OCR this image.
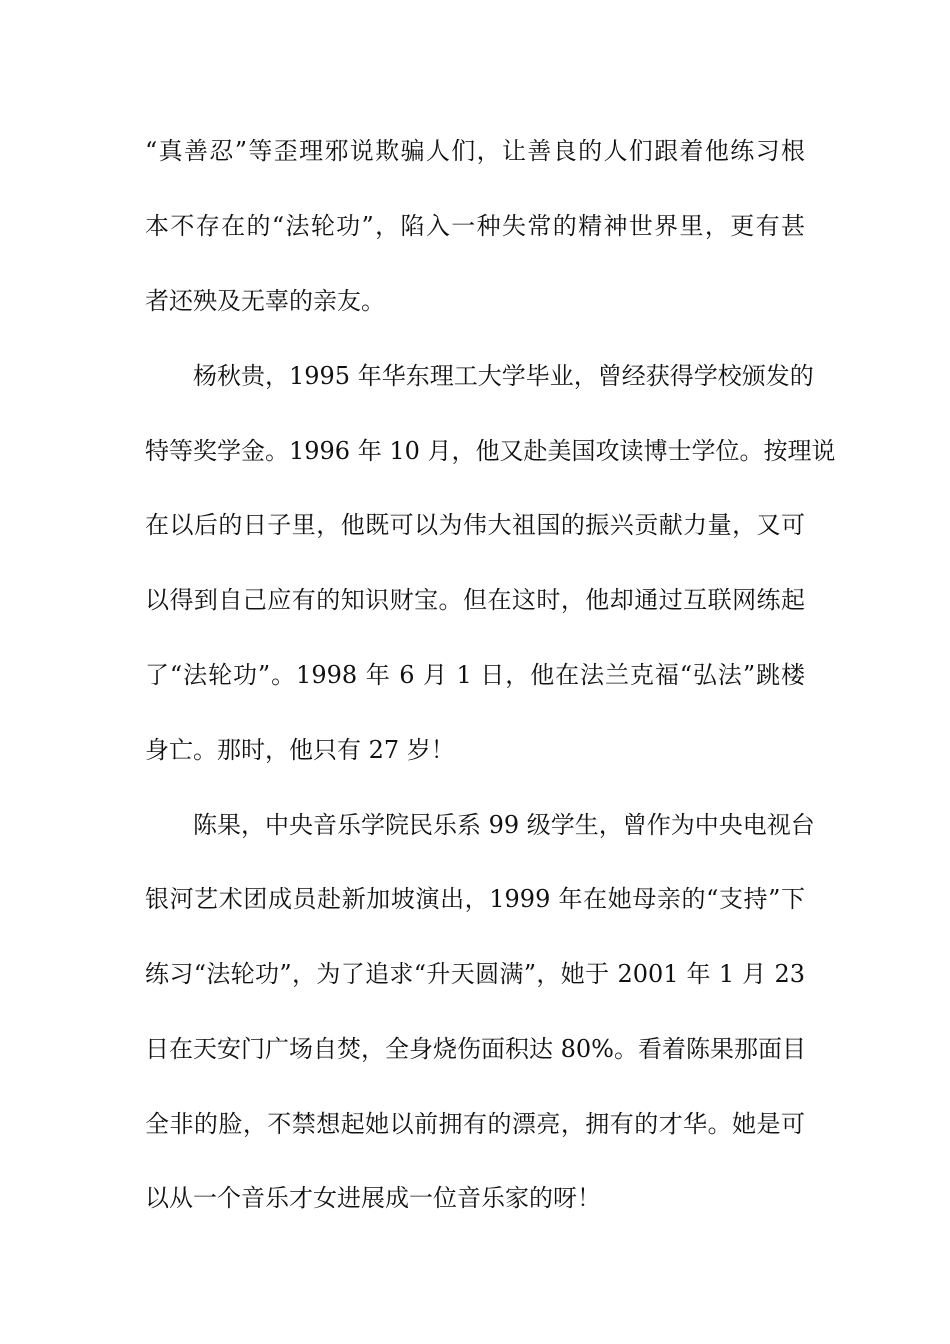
“真善忍”等歪理邪说欺骗人们，让善良的人们跟着他练习根
本不存在的“法轮功”，陷入一种失常的精神世界里，更有甚
者还殃及无辜的亲友。
杨秋贵，1995 年华东理工大学毕业，曾经获得学校颁发的
特等奖学金。1996 年 10 月，他又赴美国攻读博士学位。按理说
在以后的日子里，他既可以为伟大祖国的振兴贡献力量，又可
以得到自己应有的知识财宝。但在这时，他却通过互联网练起
了“法轮功”。1998 年 6 月 1 日，他在法兰克福“弘法”跳楼
身亡。那时，他只有 27 岁！
陈果，中央音乐学院民乐系 99 级学生，曾作为中央电视台
银河艺术团成员赴新加坡演出，1999 年在她母亲的“支持”下
练习“法轮功”，为了追求“升天圆满”，她于 2001 年 1 月 23
日在天安门广场自焚，全身烧伤面积达 80%。看着陈果那面目
全非的脸，不禁想起她以前拥有的漂亮，拥有的才华。她是可
以从一个音乐才女进展成一位音乐家的呀！
